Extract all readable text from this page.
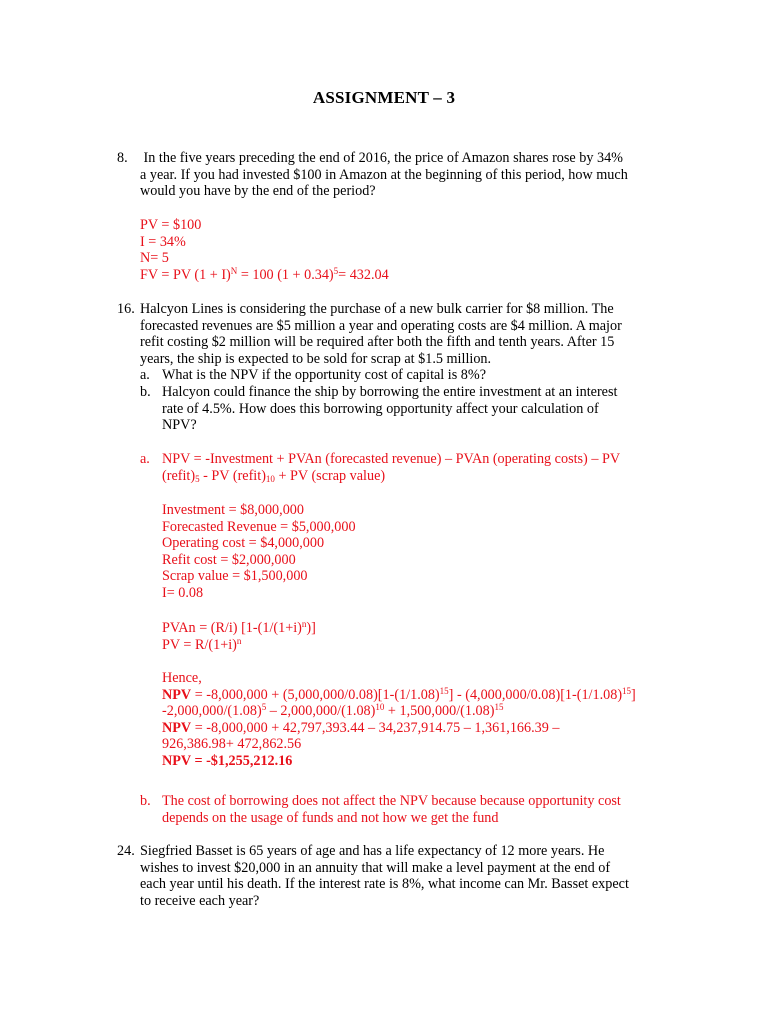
ASSIGNMENT – 3
8. In the five years preceding the end of 2016, the price of Amazon shares rose by 34%
a year. If you had invested $100 in Amazon at the beginning of this period, how much
would you have by the end of the period?
PV = $100
I = 34%
N= 5
FV = PV $(1 + I)^N = 100$ $(1 + 0.34)^5= 432.04$
16. Halcyon Lines is considering the purchase of a new bulk carrier for $8 million. The
forecasted revenues are $5 million a year and operating costs are $4 million. A major
refit costing $2 million will be required after both the fifth and tenth years. After 15
years, the ship is expected to be sold for scrap at $1.5 million.
a. What is the NPV if the opportunity cost of capital is 8%?
b. Halcyon could finance the ship by borrowing the entire investment at an interest
rate of 4.5%. How does this borrowing opportunity affect your calculation of
NPV?
a. NPV = -Investment + PVAn (forecasted revenue) – PVAn (operating costs) – PV
$(refit)_5$ - PV $(refit)_{10}$ + PV (scrap value)
Investment = $8,000,000
Forecasted Revenue = $5,000,000
Operating cost = $4,000,000
Refit cost = $2,000,000
Scrap value = $1,500,000
I= 0.08
PVAn = (R/i) $[1-(1/(1+i)^n)]$
PV = $R/(1+i)^n$
Hence,
NPV = $-8,000,000 + (5,000,000/0.08)[1-(1/1.08)^{15}] - (4,000,000/0.08)[1-(1/1.08)^{15}]$
$-2,000,000/(1.08)^5 - 2,000,000/(1.08)^{10} + 1,500,000/(1.08)^{15}$
NPV = -8,000,000 + 42,797,393.44 – 34,237,914.75 – 1,361,166.39 –
926,386.98+ 472,862.56
NPV = -$1,255,212.16
b. The cost of borrowing does not affect the NPV because because opportunity cost
depends on the usage of funds and not how we get the fund
24. Siegfried Basset is 65 years of age and has a life expectancy of 12 more years. He
wishes to invest $20,000 in an annuity that will make a level payment at the end of
each year until his death. If the interest rate is 8%, what income can Mr. Basset expect
to receive each year?
